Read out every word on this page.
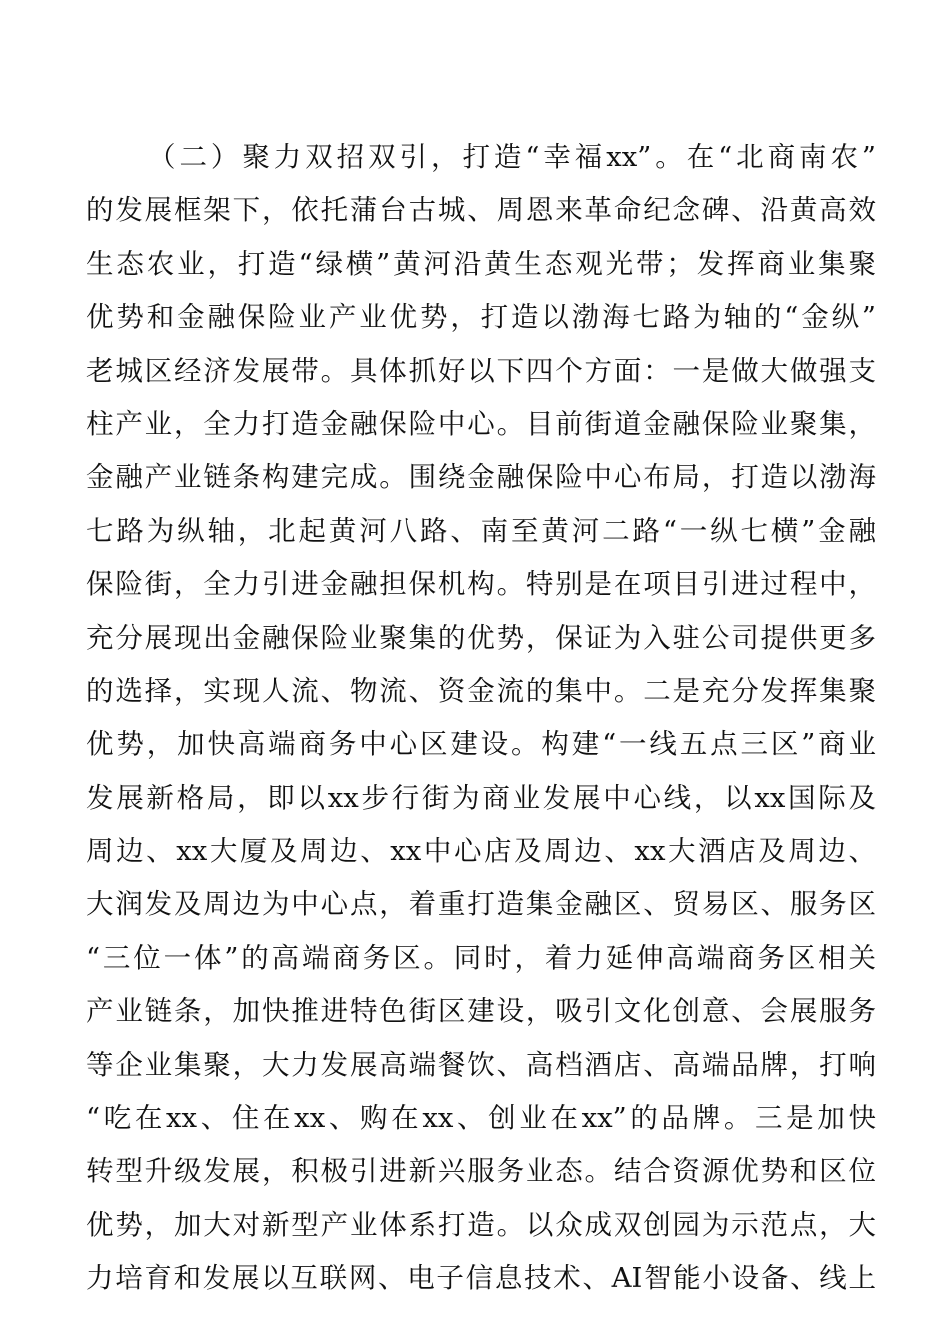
（二）聚力双招双引，打造“幸福xx”。在“北商南农”
的发展框架下，依托蒲台古城、周恩来革命纪念碑、沿黄高效
生态农业，打造“绿横”黄河沿黄生态观光带；发挥商业集聚
优势和金融保险业产业优势，打造以渤海七路为轴的“金纵”
老城区经济发展带。具体抓好以下四个方面：一是做大做强支
柱产业，全力打造金融保险中心。目前街道金融保险业聚集，
金融产业链条构建完成。围绕金融保险中心布局，打造以渤海
七路为纵轴，北起黄河八路、南至黄河二路“一纵七横”金融
保险街，全力引进金融担保机构。特别是在项目引进过程中，
充分展现出金融保险业聚集的优势，保证为入驻公司提供更多
的选择，实现人流、物流、资金流的集中。二是充分发挥集聚
优势，加快高端商务中心区建设。构建“一线五点三区”商业
发展新格局，即以xx步行街为商业发展中心线，以xx国际及
周边、xx大厦及周边、xx中心店及周边、xx大酒店及周边、
大润发及周边为中心点，着重打造集金融区、贸易区、服务区
“三位一体”的高端商务区。同时，着力延伸高端商务区相关
产业链条，加快推进特色街区建设，吸引文化创意、会展服务
等企业集聚，大力发展高端餐饮、高档酒店、高端品牌，打响
“吃在xx、住在xx、购在xx、创业在xx”的品牌。三是加快
转型升级发展，积极引进新兴服务业态。结合资源优势和区位
优势，加大对新型产业体系打造。以众成双创园为示范点，大
力培育和发展以互联网、电子信息技术、AI智能小设备、线上
